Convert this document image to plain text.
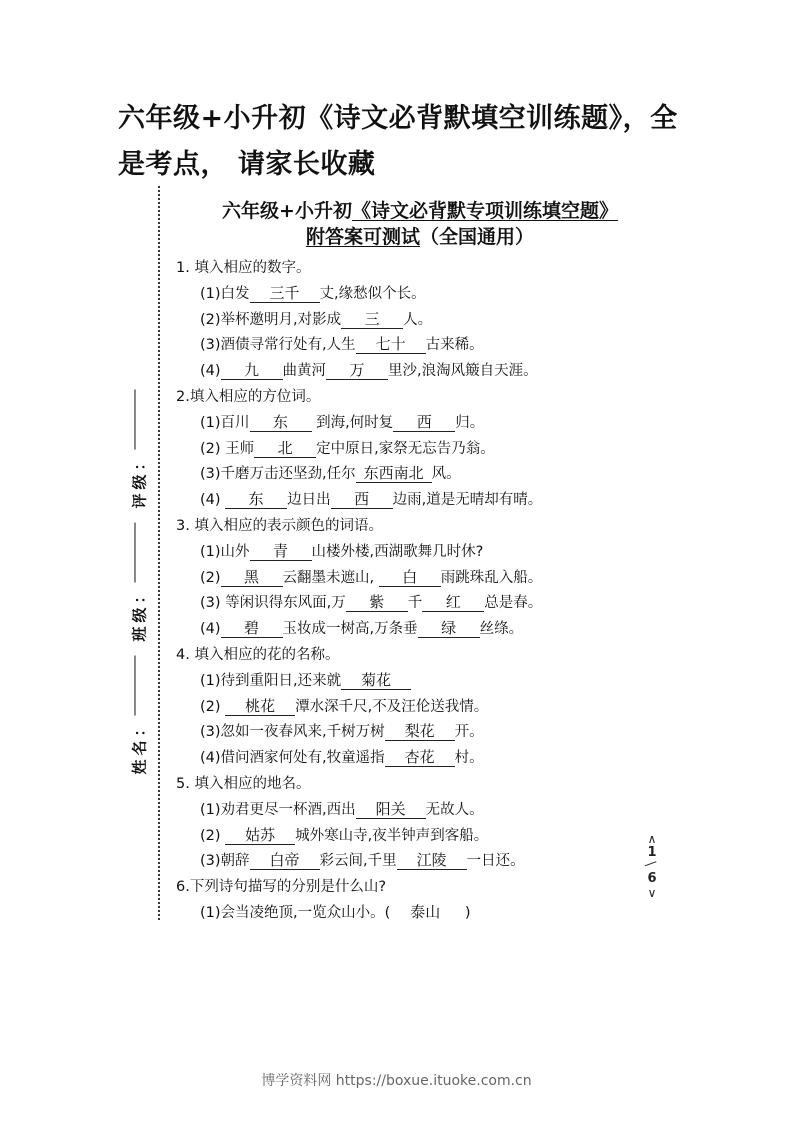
六年级+小升初《诗文必背默填空训练题》，全是考点， 请家长收藏
姓名：
班级：
评级：
六年级+小升初《诗文必背默专项训练填空题》
附答案可测试（全国通用）
1. 填入相应的数字。
(1)白发 三千 丈,缘愁似个长。
(2)举杯邀明月,对影成 三 人。
(3)酒债寻常行处有,人生 七十 古来稀。
(4) 九 曲黄河 万 里沙,浪淘风簸自天涯。
2.填入相应的方位词。
(1)百川 东 到海,何时复 西 归。
(2) 王师 北 定中原日,家祭无忘告乃翁。
(3)千磨万击还坚劲,任尔 东西南北 风。
(4) 东 边日出 西 边雨,道是无晴却有晴。
3. 填入相应的表示颜色的词语。
(1)山外 青 山楼外楼,西湖歌舞几时休?
(2) 黑 云翻墨未遮山, 白 雨跳珠乱入船。
(3) 等闲识得东风面,万 紫 千 红 总是春。
(4) 碧 玉妆成一树高,万条垂 绿 丝绦。
4. 填入相应的花的名称。
(1)待到重阳日,还来就 菊花
(2) 桃花 潭水深千尺,不及汪伦送我情。
(3)忽如一夜春风来,千树万树 梨花 开。
(4)借问酒家何处有,牧童遥指 杏花 村。
5. 填入相应的地名。
(1)劝君更尽一杯酒,西出 阳关 无故人。
(2) 姑苏 城外寒山寺,夜半钟声到客船。
(3)朝辞 白帝 彩云间,千里 江陵 一日还。
6.下列诗句描写的分别是什么山?
(1)会当凌绝顶,一览众山小。( 泰山 )
∧
1
6
∨
博学资料网 https://boxue.ituoke.com.cn
